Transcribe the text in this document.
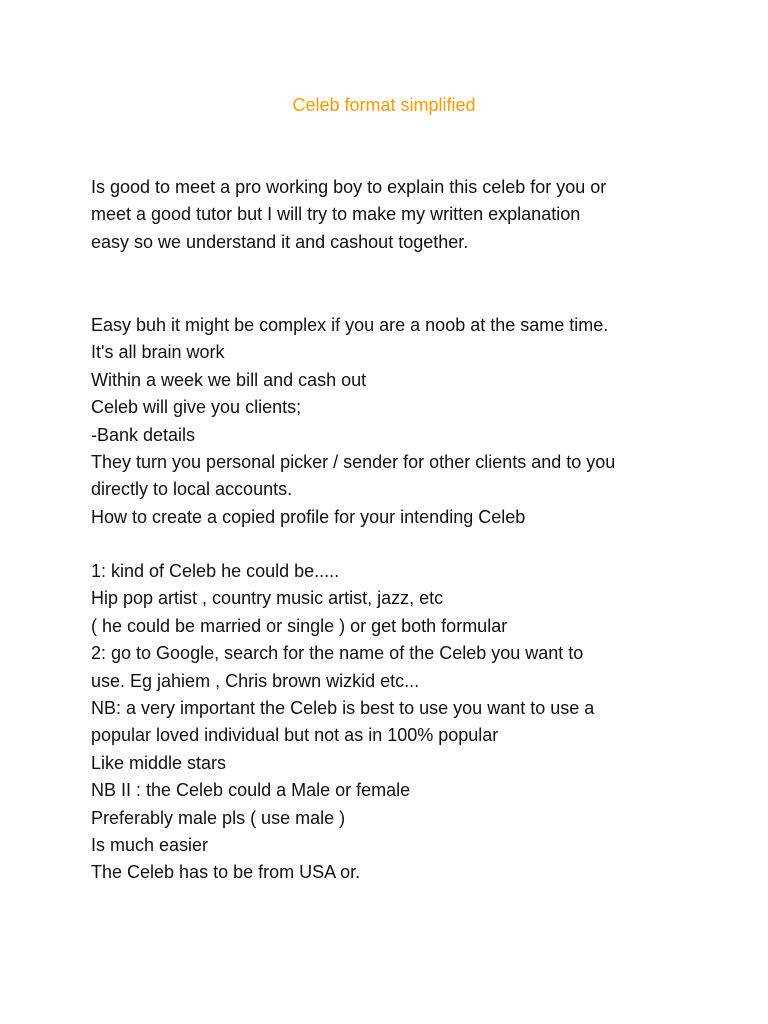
Celeb format simplified
Is good to meet a pro working boy to explain this celeb for you or
meet a good tutor but I will try to make my written explanation
easy so we understand it and cashout together.
Easy buh it might be complex if you are a noob at the same time.
It's all brain work
Within a week we bill and cash out
Celeb will give you clients;
-Bank details
They turn you personal picker / sender for other clients and to you
directly to local accounts.
How to create a copied profile for your intending Celeb
1: kind of Celeb he could be.....
Hip pop artist , country music artist, jazz, etc
( he could be married or single ) or get both formular
2: go to Google, search for the name of the Celeb you want to
use. Eg jahiem , Chris brown wizkid etc...
NB: a very important the Celeb is best to use you want to use a
popular loved individual but not as in 100% popular
Like middle stars
NB II : the Celeb could a Male or female
Preferably male pls ( use male )
Is much easier
The Celeb has to be from USA or.
